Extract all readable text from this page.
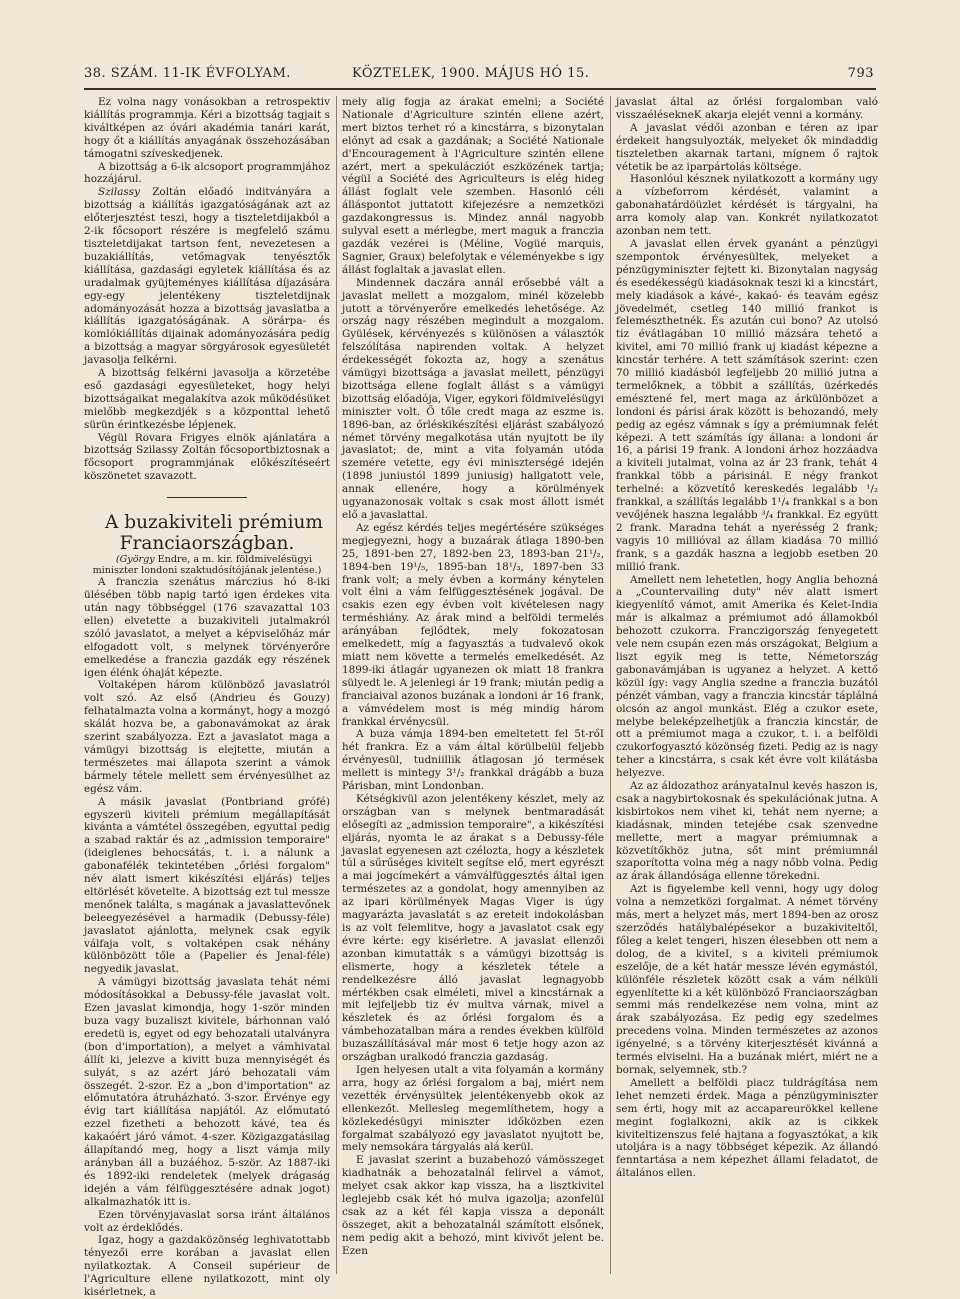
38. SZÁM. 11-IK ÉVFOLYAM.	KÖZTELEK, 1900. MÁJUS HÓ 15.	793

Ez volna nagy vonásokban a retrospektiv kiállítás programmja. Kéri a bizottság tagjait s kiváltképen az óvári akadémia tanári karát, hogy őt a kiállítás anyagának összehozásában támogatni szíveskedjenek.

A bizottság a 6-ik alcsoport programmjához hozzájárul.

Szilassy Zoltán előadó inditványára a bizottság a kiállítás igazgatóságának azt az előterjesztést teszi, hogy a tiszteletdijakból a 2-ik főcsoport részére is megfelelő számu tiszteletdijakat tartson fent, nevezetesen a buzakiállítás, vetőmagvak tenyésztők kiállítása, gazdasági egyletek kiállítása és az uradalmak gyüjteményes kiállítása díjazására egy-egy jelentékeny tiszteletdijnak adományozását hozza a bizottság javaslatba a kiállítás igazgatóságának. A sörárpa- és komlókiállítás dijainak adományozására pedig a bizottság a magyar sörgyárosok egyesületét javasolja felkérni.

A bizottság felkérni javasolja a körzetébe eső gazdasági egyesületeket, hogy helyi bizottságaikat megalakítva azok működésüket mielőbb megkezdjék s a központtal lehető sürün érintkezésbe lépjenek.

Végül Rovara Frigyes elnök ajánlatára a bizottság Szilassy Zoltán főcsoportbiztosnak a főcsoport programmjának előkészítéseért köszönetet szavazott.

A buzakiviteli prémium Franciaországban.

(György Endre, a m. kir. földmivelésügyi miniszter londoni szaktudósítójának jelentése.)

A franczia szenátus márczius hó 8-iki ülésében több napig tartó igen érdekes vita után nagy többséggel (176 szavazattal 103 ellen) elvetette a buzakiviteli jutalmakról szóló javaslatot, a melyet a képviselőház már elfogadott volt, s melynek törvényerőre emelkedése a franczia gazdák egy részének igen élénk óhaját képezte.

Voltaképen három különböző javaslatról volt szó. Az első (Andrieu és Gouzy) felhatalmazta volna a kormányt, hogy a mozgó skálát hozva be, a gabonavámokat az árak szerint szabályozza. Ezt a javaslatot maga a vámügyi bizottság is elejtette, miután a természetes mai állapota szerint a vámok bármely tétele mellett sem érvényesülhet az egész vám.

A másik javaslat (Pontbriand grófé) egyszerü kiviteli prémium megállapítását kivánta a vámtétel összegében, egyuttal pedig a szabad raktár és az „admission temporaire" (ideiglenes behocsátás, t. i. a nálunk a gabonafélék tekintetében „őrlési forgalom" név alatt ismert kikészítési eljárás) teljes eltörlését követelte. A bizottság ezt tul messze menőnek találta, s magának a javaslattevőnek beleegyezésével a harmadik (Debussy-féle) javaslatot ajánlotta, melynek csak egyik válfaja volt, s voltaképen csak néhány különbözött tőle a (Papelier és Jenal-féle) negyedik javaslat.

A vámügyi bizottság javaslata tehát némi módosításokkal a Debussy-féle javaslat volt. Ezen javaslat kimondja, hogy 1-ször minden buza vagy buzaliszt kivitele, bárhonnan való eredetü is, egyet od egy behozatali utalványra (bon d'importation), a melyet a vámhivatal állít ki, jelezve a kivitt buza mennyiségét és sulyát, s az azért járó behozatali vám összegét. 2-szor. Ez a „bon d'importation" az előmutatóra átruházható. 3-szor. Érvénye egy évig tart kiállítása napjától. Az előmutató ezzel fizetheti a behozott kávé, tea és kakaóért járó vámot. 4-szer. Közigazgatásilag állapítandó meg, hogy a liszt vámja mily arányban áll a buzáéhoz. 5-ször. Az 1887-iki és 1892-iki rendeletek (melyek drágaság idején a vám félfüggesztésére adnak jogot) alkalmazhatók itt is.

Ezen törvényjavaslat sorsa iránt általános volt az érdeklődés.

Igaz, hogy a gazdaközönség leghivatottabb tényezői erre korában a javaslat ellen nyilatkoztak. A Conseil supérieur de l'Agriculture ellene nyilatkozott, mint oly kisérletnek, a

mely alig fogja az árakat emelni; a Société Nationale d'Agriculture szintén ellene azért, mert biztos terhet ró a kincstárra, s bizonytalan előnyt ad csak a gazdának; a Société Nationale d'Encouragement à l'Agriculture szintén ellene azért, mert a spekulácziót eszközének tartja; végül a Société des Agriculteurs is elég hideg állást foglalt vele szemben. Hasonló céli álláspontot juttatott kifejezésre a nemzetközi gazdakongressus is. Mindez annál nagyobb sulyval esett a mérlegbe, mert maguk a franczia gazdák vezérei is (Méline, Vogüé marquis, Sagnier, Graux) belefolytak e véleményekbe s igy állást foglaltak a javaslat ellen.

Mindennek daczára annál erősebbé vált a javaslat mellett a mozgalom, minél közelebb jutott a törvényerőre emelkedés lehetősége. Az ország nagy részében megindult a mozgalom. Gyülések, kérvényezés s különösen a választók felszólítása napirenden voltak. A helyzet érdekességét fokozta az, hogy a szenátus vámügyi bizottsága a javaslat mellett, pénzügyi bizottsága ellene foglalt állást s a vámügyi bizottság előadója, Viger, egykori földmivelésügyi miniszter volt. Ő tőle credt maga az eszme is. 1896-ban, az őrléskikészítési eljárást szabályozó német törvény megalkotása után nyujtott be ily javaslatot; de, mint a vita folyamán utóda szemére vetette, egy évi miniszterségé idején (1898 juniustól 1899 juniusig) hallgatott vele, annak ellenére, hogy a körülmények ugyanazonosak voltak s csak most állott ismét elő a javaslattal.

Az egész kérdés teljes megértésére szükséges megjegyezni, hogy a buzaárak átlaga 1890-ben 25, 1891-ben 27, 1892-ben 23, 1893-ban 21¹/₂, 1894-ben 19¹/₅, 1895-ban 18¹/₃, 1897-ben 33 frank volt; a mely évben a kormány kénytelen volt élni a vám felfüggesztésének jogával. De csakis ezen egy évben volt kivételesen nagy terméshiány. Az árak mind a belföldi termelés arányában fejlődtek, mely fokozatosan emelkedett, míg a fagyasztás a tudvalevő okok miatt nem követte a termelés emelkedését. Az 1899-iki átlagár ugyanezen ok miatt 18 frankra sülyedt le. A jelenlegi ár 19 frank; miután pedig a franciaival azonos buzának a londoni ár 16 frank, a vámvédelem most is még mindig három frankkal érvénycsül.

A buza vámja 1894-ben emeltetett fel 5t-rőI hét frankra. Ez a vám által körülbelül feljebb érvényesül, tudniillik átlagosan jó termések mellett is mintegy 3¹/₂ frankkal drágább a buza Párisban, mint Londonban.

Kétségkivül azon jelentékeny készlet, mely az országban van s melynek bentmaradását elősegíti az „admission temporaire", a kikészítési eljárás, nyomta le az árakat s a Debussy-féle javaslat egyenesen azt czélozta, hogy a készletek túl a sűrűséges kivitelt segítse elő, mert egyrészt a mai jogcímekért a vámválfüggesztés által igen természetes az a gondolat, hogy amennyiben az az ipari körülmények Magas Viger is úgy magyarázta javaslatát s az ereteit indokolásban is az volt felemlitve, hogy a javaslatot csak egy évre kérte: egy kisérletre. A javaslat ellenzői azonban kimutatták s a vámügyi bizottság is elismerte, hogy a készletek tétele a rendelkezésre álló javaslat legnagyobb mértékben csak elméleti, mivel a kincstárnak a mit lejfeljebb tiz év multva várnak, mivel a készletek és az őrlési forgalom és a vámbehozatalban mára a rendes években külföld buzaszállításával már most 6 tetje hogy azon az országban uralkodó franczia gazdaság.

Igen helyesen utalt a vita folyamán a kormány arra, hogy az őrlési forgalom a baj, miért nem vezették érvénysültek jelentékenyebb okok az ellenkezőt. Mellesleg megemlíthetem, hogy a közlekedésügyi miniszter időközben ezen forgalmat szabályozó egy javaslatot nyujtott be, mely nemsokára tárgyalás alá kerül.

E javaslat szerint a buzabehozó vámösszeget kiadhatnák a behozatalnál felirvel a vámot, melyet csak akkor kap vissza, ha a lisztkivitel leglejebb csak két hó mulva igazolja; azonfelül csak az a két fél kapja vissza a deponált összeget, akit a behozatalnál számított elsőnek, nem pedig akit a behozó, mint kivivőt jelent be. Ezen

javaslat által az őrlési forgalomban való visszaélésekneK akarja elejét venni a kormány.

A javaslat védői azonban e téren az ipar érdekeit hangsulyozták, melyeket ők mindaddig tiszteletben akarnak tartani, mígnem ő rajtok vétetik be az iparpártolás költsége.

Hasonlóul késznek nyilatkozott a kormány ugy a vízbeforrom kérdését, valamint a gabonahatárdöüzlet kérdését is tárgyalni, ha arra komoly alap van. Konkrét nyilatkozatot azonban nem tett.

A javaslat ellen érvek gyanánt a pénzügyi szempontok érvényesültek, melyeket a pénzügyminiszter fejtett ki. Bizonytalan nagyság és esedékességü kiadásoknak teszi ki a kincstárt, mely kiadások a kávé-, kakaó- és teavám egész jövedelmét, csetleg 140 millió frankot is felemészthetnék. És azután cui bono? Az utolsó tiz évátlagában 10 millió mázsára tehető a kivitel, ami 70 millió frank uj kiadást képezne a kincstár terhére. A tett számítások szerint: czen 70 millió kiadásból legfeljebb 20 millió jutna a termelőknek, a többit a szállítás, üzérkedés emésztené fel, mert maga az árkülönbözet a londoni és párisi árak között is behozandó, mely pedig az egész vámnak s így a prémiumnak felét képezi. A tett számítás így állana: a londoni ár 16, a párisi 19 frank. A londoni árhoz hozzáadva a kiviteli jutalmat, volna az ár 23 frank, tehát 4 frankkal több a párisinál. E négy frankot terhelné: a közvetítő kereskedés legalább ¹/₂ frankkal, a szállítás legalább 1¹/₄ frankkal s a bon vevőjének haszna legalább ³/₄ frankkal. Ez együtt 2 frank. Maradna tehát a nyerésség 2 frank; vagyis 10 millióval az állam kiadása 70 millió frank, s a gazdák haszna a legjobb esetben 20 millió frank.

Amellett nem lehetetlen, hogy Anglia behozná a „Countervailing duty" név alatt ismert kiegyenlítő vámot, amit Amerika és Kelet-India már is alkalmaz a prémiumot adó államokból behozott czukorra. Franczigország fenyegetett vele nem csupán ezen más országokat, Belgium a liszt egyik meg is tette, Németország gabonavámjában is ugyanez a helyzet. A kettő közül így: vagy Anglia szedne a franczia buzától pénzét vámban, vagy a franczia kincstár táplálná olcsón az angol munkást. Elég a czukor esete, melybe beleképzelhetjük a franczia kincstár, de ott a prémiumot maga a czukor, t. i. a belföldi czukorfogyasztó közönség fizeti. Pedig az is nagy teher a kincstárra, s csak két évre volt kilátásba helyezve.

Az az áldozathoz arányataInul kevés haszon is, csak a nagybirtokosnak és spekulációnak jutna. A kisbirtokos nem vihet ki, tehát nem nyerne; a kiadásnak, minden tetejébe csak szenvedne mellette, mert a magyar prémiumnak a közvetítőkhöz jutna, sőt mint prémiumnál szaporította volna még a nagy nőbb volna. Pedig az árak állandósága ellenne törekedni.

Azt is figyelembe kell venni, hogy ugy dolog volna a nemzetközi forgalmat. A német törvény más, mert a helyzet más, mert 1894-ben az orosz szerződés hatálybalépésekor a buzakiviteltől, főleg a kelet tengeri, hiszen élesebben ott nem a dolog, de a kiviteI, s a kiviteli prémiumok eszelője, de a két határ messze lévén egymástól, különféle részletek között csak a vám nélküli egyenlítette ki a két különböző Franciaországban semmi más rendelkezése nem volna, mint az árak szabályozása. Ez pedig egy szedelmes precedens volna. Minden természetes az azonos igényelné, s a törvény kiterjesztését kivánná a termés elviselni. Ha a buzának miért, miért ne a bornak, selyemnek, stb.?

Amellett a belföldi piacz tuldrágítása nem lehet nemzeti érdek. Maga a pénzügyminiszter sem érti, hogy mit az accapareurökkel kellene megint foglalkozni, akik az is cikkek kiviteltizenszus felé hajtana a fogyasztókat, a kik utoljára is a nagy többséget képezik. Az állandó fenntartása a nem képezhet állami feladatot, de általános ellen.
